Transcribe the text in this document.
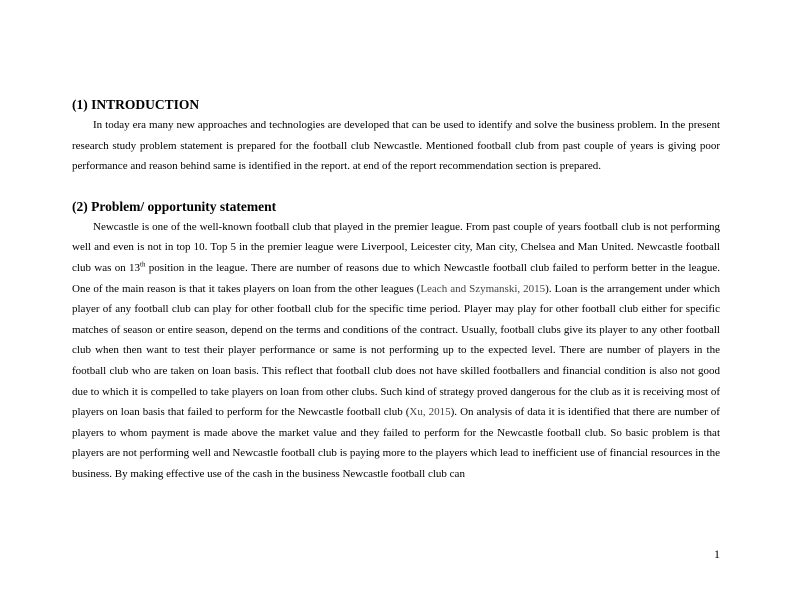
(1) INTRODUCTION

In today era many new approaches and technologies are developed that can be used to identify and solve the business problem. In the present research study problem statement is prepared for the football club Newcastle. Mentioned football club from past couple of years is giving poor performance and reason behind same is identified in the report. at end of the report recommendation section is prepared.

(2) Problem/ opportunity statement

Newcastle is one of the well-known football club that played in the premier league. From past couple of years football club is not performing well and even is not in top 10. Top 5 in the premier league were Liverpool, Leicester city, Man city, Chelsea and Man United. Newcastle football club was on 13th position in the league. There are number of reasons due to which Newcastle football club failed to perform better in the league. One of the main reason is that it takes players on loan from the other leagues (Leach and Szymanski, 2015). Loan is the arrangement under which player of any football club can play for other football club for the specific time period. Player may play for other football club either for specific matches of season or entire season, depend on the terms and conditions of the contract. Usually, football clubs give its player to any other football club when then want to test their player performance or same is not performing up to the expected level. There are number of players in the football club who are taken on loan basis. This reflect that football club does not have skilled footballers and financial condition is also not good due to which it is compelled to take players on loan from other clubs. Such kind of strategy proved dangerous for the club as it is receiving most of players on loan basis that failed to perform for the Newcastle football club (Xu, 2015). On analysis of data it is identified that there are number of players to whom payment is made above the market value and they failed to perform for the Newcastle football club. So basic problem is that players are not performing well and Newcastle football club is paying more to the players which lead to inefficient use of financial resources in the business. By making effective use of the cash in the business Newcastle football club can

1
